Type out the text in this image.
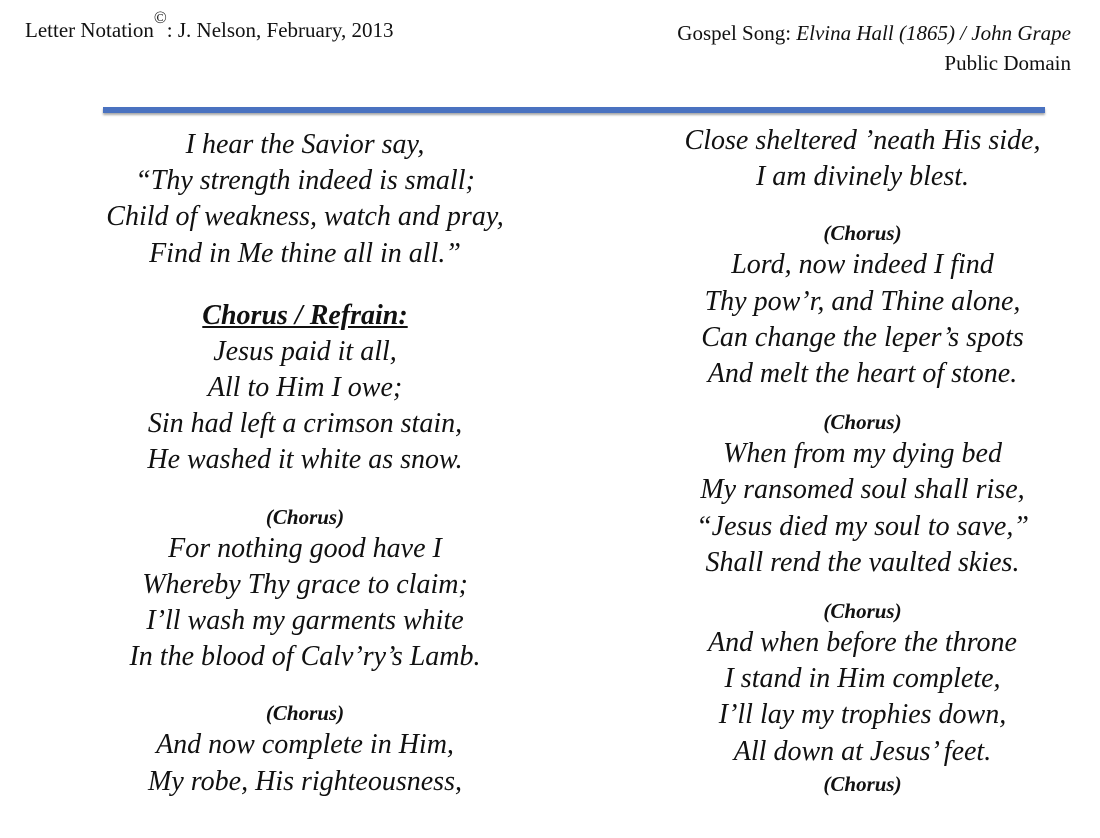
Letter Notation©: J. Nelson, February, 2013	Gospel Song: Elvina Hall (1865) / John Grape
Public Domain
I hear the Savior say,
“Thy strength indeed is small;
Child of weakness, watch and pray,
Find in Me thine all in all.”
Chorus / Refrain:
Jesus paid it all,
All to Him I owe;
Sin had left a crimson stain,
He washed it white as snow.
(Chorus)
For nothing good have I
Whereby Thy grace to claim;
I’ll wash my garments white
In the blood of Calv’ry’s Lamb.
(Chorus)
And now complete in Him,
My robe, His righteousness,
Close sheltered ’neath His side,
I am divinely blest.
(Chorus)
Lord, now indeed I find
Thy pow’r, and Thine alone,
Can change the leper’s spots
And melt the heart of stone.
(Chorus)
When from my dying bed
My ransomed soul shall rise,
“Jesus died my soul to save,”
Shall rend the vaulted skies.
(Chorus)
And when before the throne
I stand in Him complete,
I’ll lay my trophies down,
All down at Jesus’ feet.
(Chorus)
